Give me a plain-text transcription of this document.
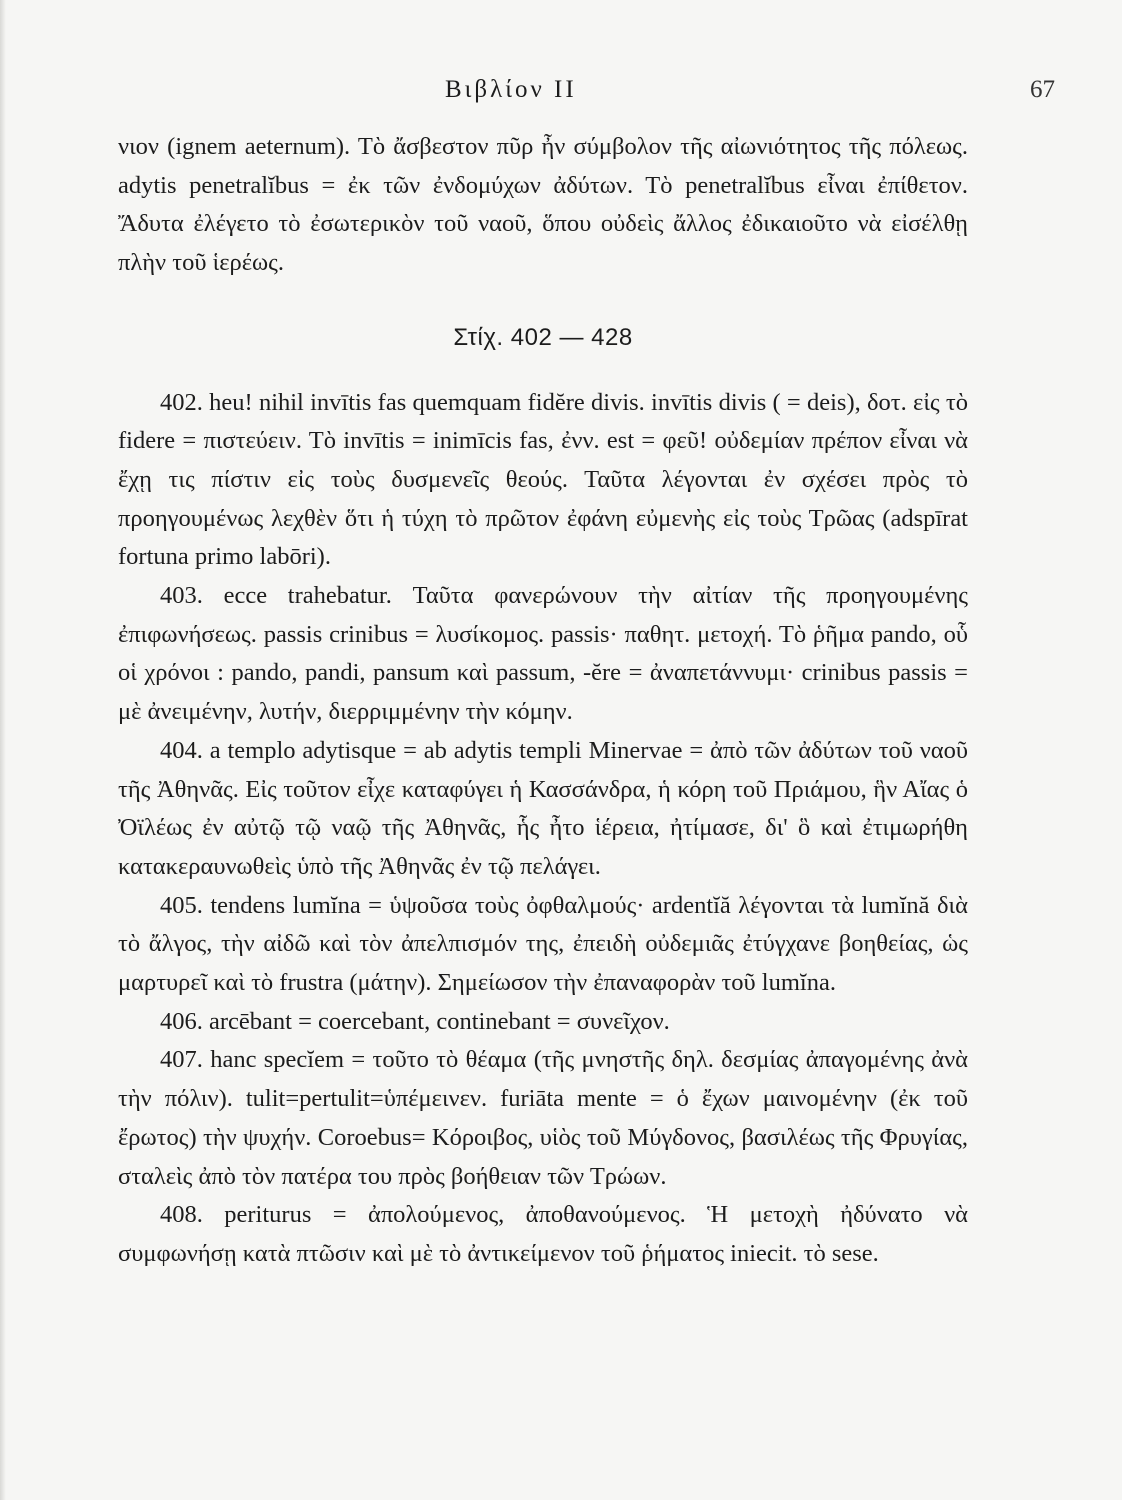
Βιβλίον II	67

νιον (ignem aeternum). Τὸ ἄσβεστον πῦρ ἦν σύμβολον τῆς αἰωνιότητος τῆς πόλεως. adytis penetralĭbus = ἐκ τῶν ἐνδομύχων ἀδύτων. Τὸ penetralĭbus εἶναι ἐπίθετον. Ἄδυτα ἐλέγετο τὸ ἐσωτερικὸν τοῦ ναοῦ, ὅπου οὐδεὶς ἄλλος ἐδικαιοῦτο νὰ εἰσέλθῃ πλὴν τοῦ ἱερέως.

Στίχ. 402 — 428

402. heu! nihil invītis fas quemquam fidĕre divis. invītis divis ( = deis), δοτ. εἰς τὸ fidere = πιστεύειν. Τὸ invītis = inimīcis fas, ἐνν. est = φεῦ! οὐδεμίαν πρέπον εἶναι νὰ ἔχῃ τις πίστιν εἰς τοὺς δυσμενεῖς θεούς. Ταῦτα λέγονται ἐν σχέσει πρὸς τὸ προηγουμένως λεχθὲν ὅτι ἡ τύχη τὸ πρῶτον ἐφάνη εὐμενὴς εἰς τοὺς Τρῶας (adspīrat fortuna primo labōri).

403. ecce trahebatur. Ταῦτα φανερώνουν τὴν αἰτίαν τῆς προηγουμένης ἐπιφωνήσεως. passis crinibus = λυσίκομος. passis· παθητ. μετοχή. Τὸ ῥῆμα pando, οὗ οἱ χρόνοι : pando, pandi, pansum καὶ passum, -ĕre = ἀναπετάννυμι· crinibus passis = μὲ ἀνειμένην, λυτήν, διερριμμένην τὴν κόμην.

404. a templo adytisque = ab adytis templi Minervae = ἀπὸ τῶν ἀδύτων τοῦ ναοῦ τῆς Ἀθηνᾶς. Εἰς τοῦτον εἶχε καταφύγει ἡ Κασσάνδρα, ἡ κόρη τοῦ Πριάμου, ἣν Αἴας ὁ Ὀϊλέως ἐν αὐτῷ τῷ ναῷ τῆς Ἀθηνᾶς, ἧς ἦτο ἱέρεια, ἠτίμασε, δι' ὃ καὶ ἐτιμωρήθη κατακεραυνωθεὶς ὑπὸ τῆς Ἀθηνᾶς ἐν τῷ πελάγει.

405. tendens lumĭna = ὑψοῦσα τοὺς ὀφθαλμούς· ardentĭă λέγονται τὰ lumĭnă διὰ τὸ ἄλγος, τὴν αἰδῶ καὶ τὸν ἀπελπισμόν της, ἐπειδὴ οὐδεμιᾶς ἐτύγχανε βοηθείας, ὡς μαρτυρεῖ καὶ τὸ frustra (μάτην). Σημείωσον τὴν ἐπαναφορὰν τοῦ lumĭna.

406. arcēbant = coercebant, continebant = συνεῖχον.

407. hanc specĭem = τοῦτο τὸ θέαμα (τῆς μνηστῆς δηλ. δεσμίας ἀπαγομένης ἀνὰ τὴν πόλιν). tulit=pertulit=ὑπέμεινεν. furiāta mente = ὁ ἔχων μαινομένην (ἐκ τοῦ ἔρωτος) τὴν ψυχήν. Coroebus= Κόροιβος, υἱὸς τοῦ Μύγδονος, βασιλέως τῆς Φρυγίας, σταλεὶς ἀπὸ τὸν πατέρα του πρὸς βοήθειαν τῶν Τρώων.

408. periturus = ἀπολούμενος, ἀποθανούμενος. Ἡ μετοχὴ ἠδύνατο νὰ συμφωνήσῃ κατὰ πτῶσιν καὶ μὲ τὸ ἀντικείμενον τοῦ ῥήματος iniecit. τὸ sese.
